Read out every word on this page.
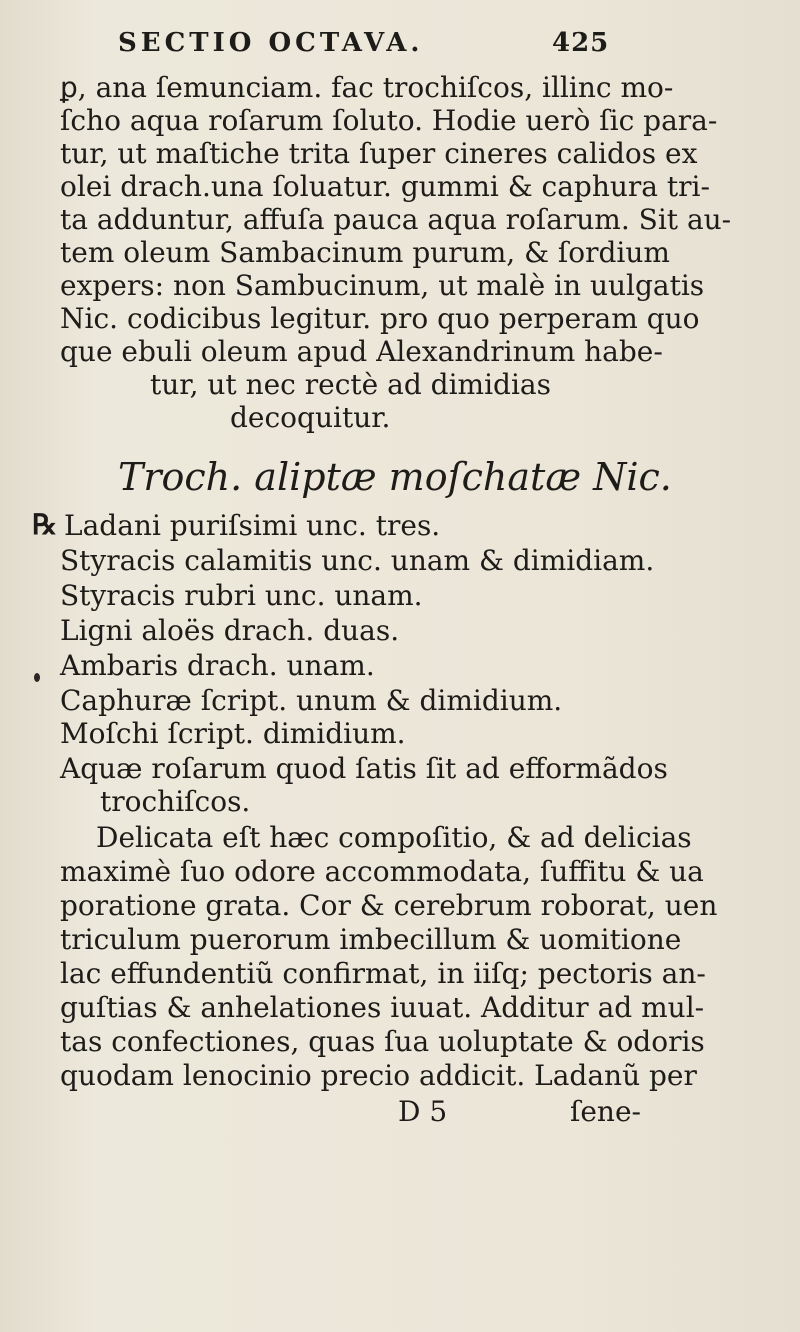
SECTIO OCTAVA.	425
ꝑ, ana ſemunciam. fac trochiſcos, illinc mo-
ſcho aqua roſarum ſoluto. Hodie uerò ſic para-
tur, ut maſtiche trita ſuper cineres calidos ex
olei drach.una ſoluatur. gummi & caphura tri-
ta adduntur, affuſa pauca aqua roſarum. Sit au-
tem oleum Sambacinum purum, & ſordium
expers: non Sambucinum, ut malè in uulgatis
Nic. codicibus legitur. pro quo perperam quo
que ebuli oleum apud Alexandrinum habe-
tur, ut nec rectè ad dimidias
decoquitur.
Troch. aliptæ moſchatæ Nic.
℞ Ladani puriſsimi unc. tres.
Styracis calamitis unc. unam & dimidiam.
Styracis rubri unc. unam.
Ligni aloës drach. duas.
Ambaris drach. unam.
Caphuræ ſcript. unum & dimidium.
Moſchi ſcript. dimidium.
Aquæ roſarum quod ſatis ſit ad efformãdos
trochiſcos.
Delicata eſt hæc compoſitio, & ad delicias
maximè ſuo odore accommodata, ſuffitu & ua
poratione grata. Cor & cerebrum roborat, uen
triculum puerorum imbecillum & uomitione
lac effundentiũ confirmat, in iiſq; pectoris an-
guſtias & anhelationes iuuat. Additur ad mul-
tas confectiones, quas ſua uoluptate & odoris
quodam lenocinio precio addicit. Ladanũ per
D 5	ſene-
